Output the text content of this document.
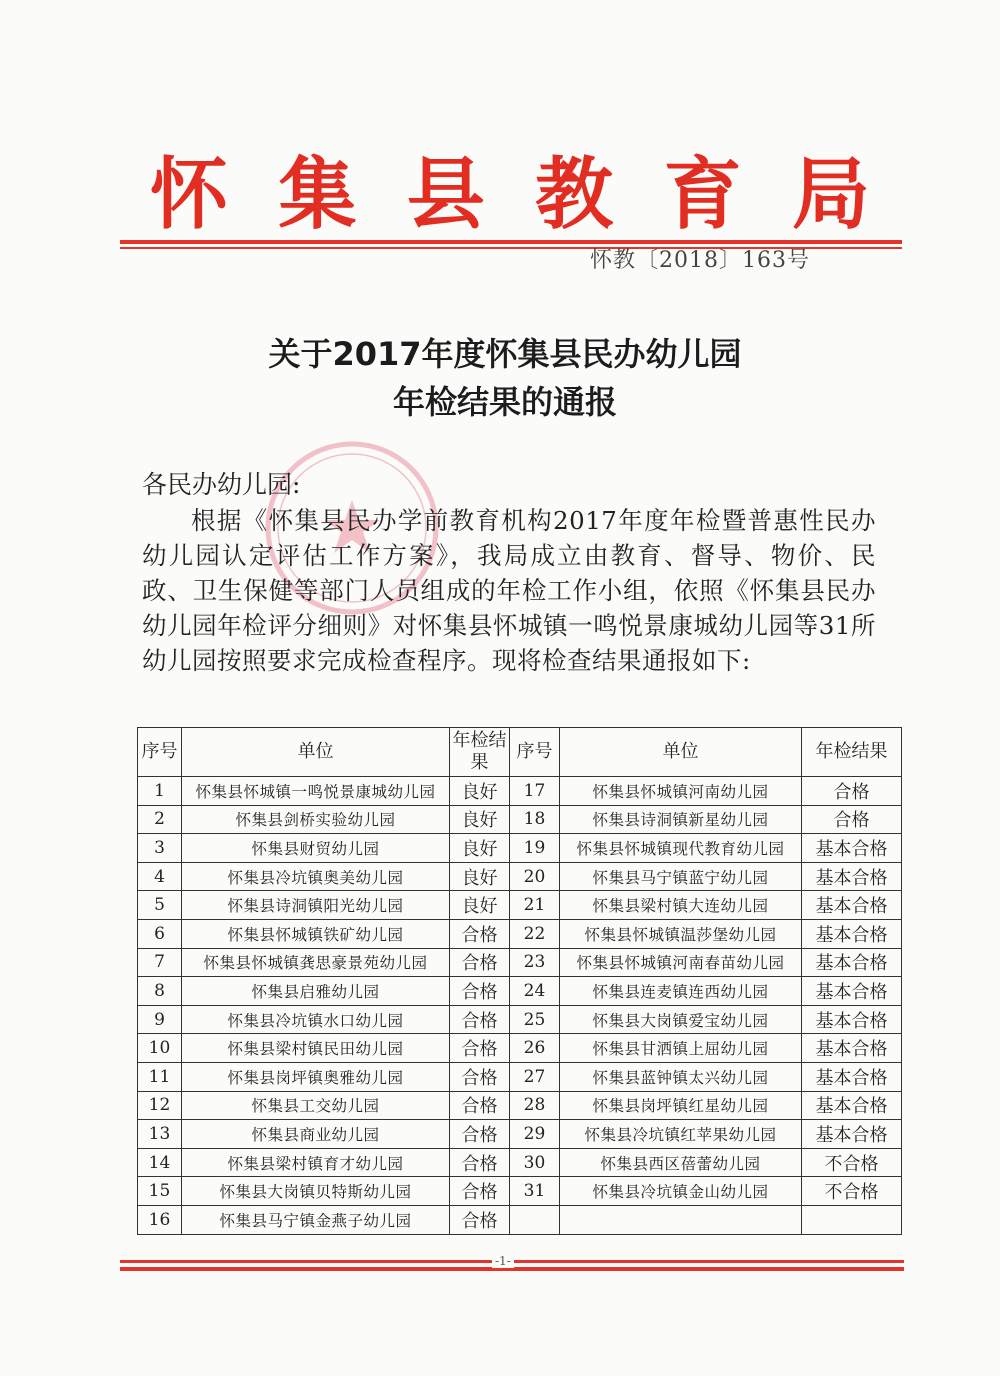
怀 集 县 教 育 局
怀教〔2018〕163号
关于2017年度怀集县民办幼儿园
年检结果的通报
各民办幼儿园:
根据《怀集县民办学前教育机构2017年度年检暨普惠性民办幼儿园认定评估工作方案》，我局成立由教育、督导、物价、民政、卫生保健等部门人员组成的年检工作小组，依照《怀集县民办幼儿园年检评分细则》对怀集县怀城镇一鸣悦景康城幼儿园等31所幼儿园按照要求完成检查程序。现将检查结果通报如下:
序号	单位	年检结果	序号	单位	年检结果
1	怀集县怀城镇一鸣悦景康城幼儿园	良好	17	怀集县怀城镇河南幼儿园	合格
2	怀集县剑桥实验幼儿园	良好	18	怀集县诗洞镇新星幼儿园	合格
3	怀集县财贸幼儿园	良好	19	怀集县怀城镇现代教育幼儿园	基本合格
4	怀集县冷坑镇奥美幼儿园	良好	20	怀集县马宁镇蓝宁幼儿园	基本合格
5	怀集县诗洞镇阳光幼儿园	良好	21	怀集县梁村镇大连幼儿园	基本合格
6	怀集县怀城镇铁矿幼儿园	合格	22	怀集县怀城镇温莎堡幼儿园	基本合格
7	怀集县怀城镇龚思豪景苑幼儿园	合格	23	怀集县怀城镇河南春苗幼儿园	基本合格
8	怀集县启雅幼儿园	合格	24	怀集县连麦镇连西幼儿园	基本合格
9	怀集县冷坑镇水口幼儿园	合格	25	怀集县大岗镇爱宝幼儿园	基本合格
10	怀集县梁村镇民田幼儿园	合格	26	怀集县甘洒镇上屈幼儿园	基本合格
11	怀集县岗坪镇奥雅幼儿园	合格	27	怀集县蓝钟镇太兴幼儿园	基本合格
12	怀集县工交幼儿园	合格	28	怀集县岗坪镇红星幼儿园	基本合格
13	怀集县商业幼儿园	合格	29	怀集县冷坑镇红苹果幼儿园	基本合格
14	怀集县梁村镇育才幼儿园	合格	30	怀集县西区蓓蕾幼儿园	不合格
15	怀集县大岗镇贝特斯幼儿园	合格	31	怀集县冷坑镇金山幼儿园	不合格
16	怀集县马宁镇金燕子幼儿园	合格			
-1-
